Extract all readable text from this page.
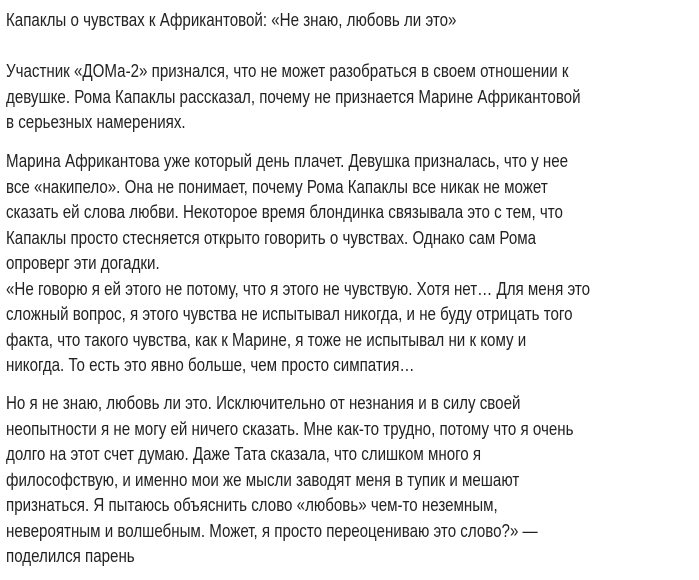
Капаклы о чувствах к Африкантовой: «Не знаю, любовь ли это»
Участник «ДОМа-2» признался, что не может разобраться в своем отношении к
девушке. Рома Капаклы рассказал, почему не признается Марине Африкантовой
в серьезных намерениях.
Марина Африкантова уже который день плачет. Девушка призналась, что у нее
все «накипело». Она не понимает, почему Рома Капаклы все никак не может
сказать ей слова любви. Некоторое время блондинка связывала это с тем, что
Капаклы просто стесняется открыто говорить о чувствах. Однако сам Рома
опроверг эти догадки.
«Не говорю я ей этого не потому, что я этого не чувствую. Хотя нет… Для меня это
сложный вопрос, я этого чувства не испытывал никогда, и не буду отрицать того
факта, что такого чувства, как к Марине, я тоже не испытывал ни к кому и
никогда. То есть это явно больше, чем просто симпатия…
Но я не знаю, любовь ли это. Исключительно от незнания и в силу своей
неопытности я не могу ей ничего сказать. Мне как-то трудно, потому что я очень
долго на этот счет думаю. Даже Тата сказала, что слишком много я
философствую, и именно мои же мысли заводят меня в тупик и мешают
признаться. Я пытаюсь объяснить слово «любовь» чем-то неземным,
невероятным и волшебным. Может, я просто переоцениваю это слово?» —
поделился парень
